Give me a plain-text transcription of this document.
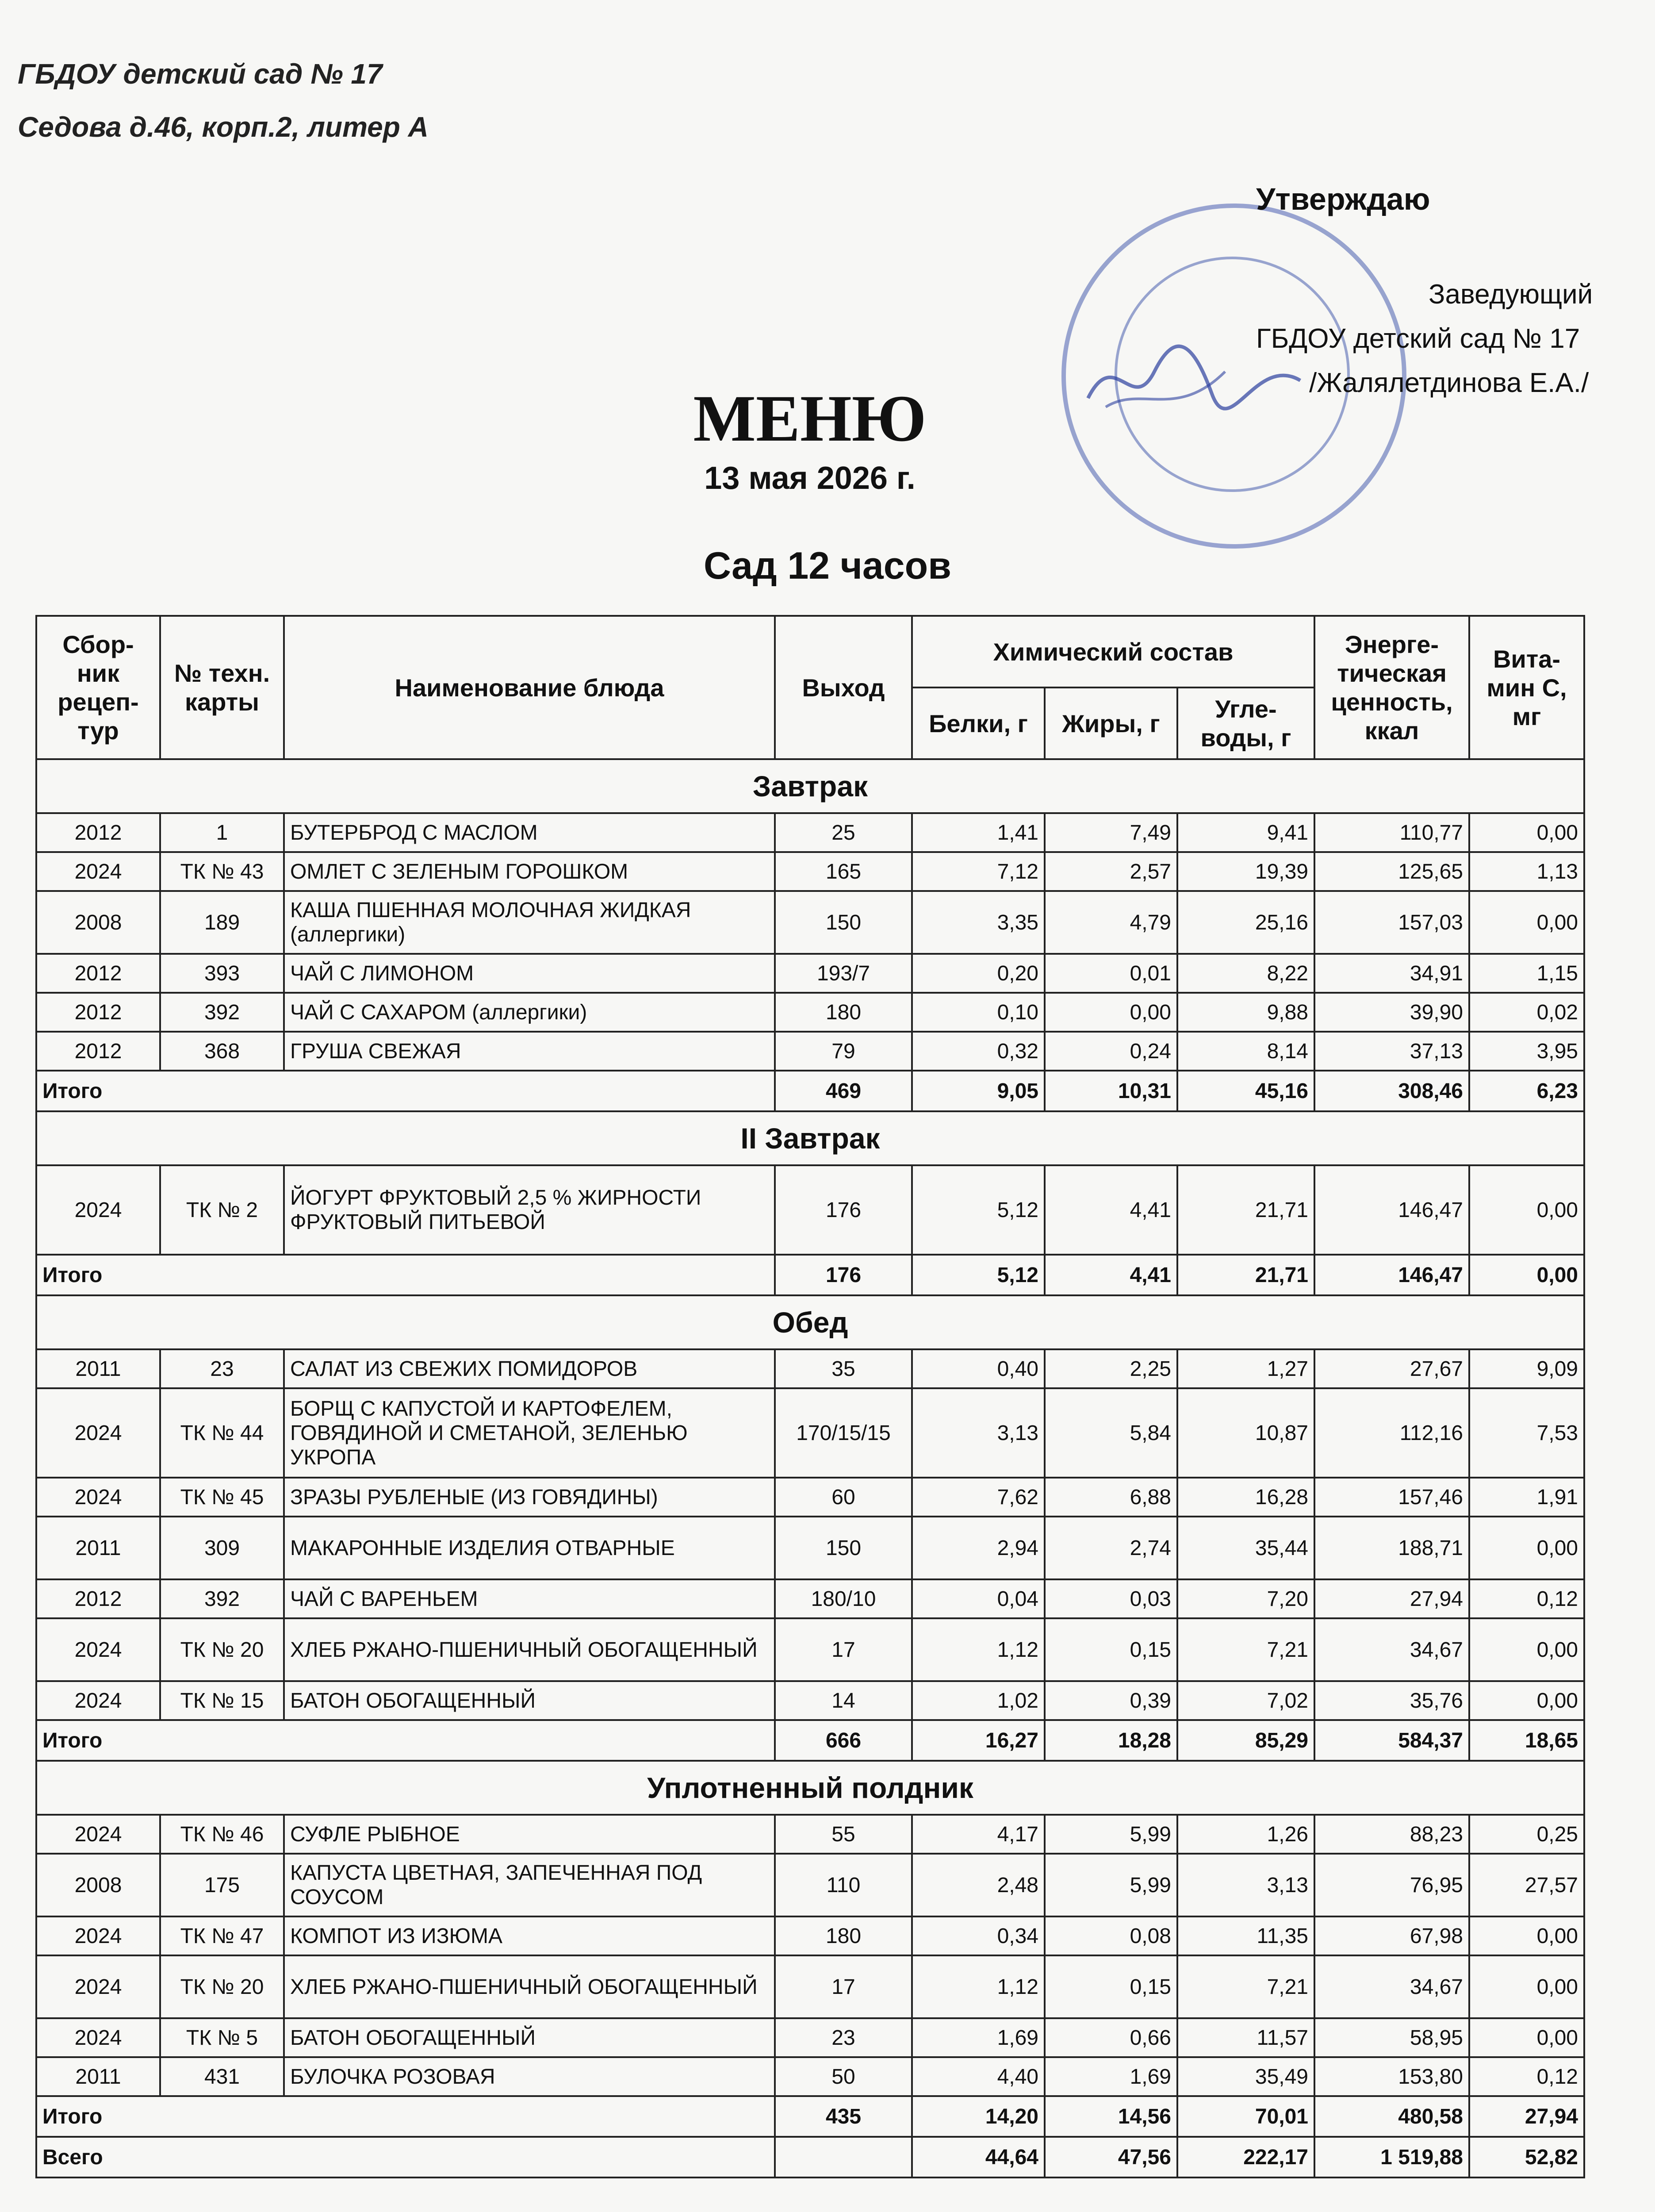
ГБДОУ детский сад № 17
Седова д.46, корп.2, литер А
Утверждаю
Заведующий
ГБДОУ детский сад № 17
/Жалялетдинова Е.А./
МЕНЮ
13 мая 2026 г.
Сад 12 часов
Сбор-ник рецеп-тур	№ техн. карты	Наименование блюда	Выход	Химический состав			Энерге-тическая ценность, ккал	Вита-мин С, мг
				Белки, г	Жиры, г	Угле-воды, г		
Завтрак								
2012	1	БУТЕРБРОД С МАСЛОМ	25	1,41	7,49	9,41	110,77	0,00
2024	ТК № 43	ОМЛЕТ С ЗЕЛЕНЫМ ГОРОШКОМ	165	7,12	2,57	19,39	125,65	1,13
2008	189	КАША ПШЕННАЯ МОЛОЧНАЯ ЖИДКАЯ (аллергики)	150	3,35	4,79	25,16	157,03	0,00
2012	393	ЧАЙ С ЛИМОНОМ	193/7	0,20	0,01	8,22	34,91	1,15
2012	392	ЧАЙ С САХАРОМ (аллергики)	180	0,10	0,00	9,88	39,90	0,02
2012	368	ГРУША СВЕЖАЯ	79	0,32	0,24	8,14	37,13	3,95
Итого			469	9,05	10,31	45,16	308,46	6,23
II Завтрак								
2024	ТК № 2	ЙОГУРТ ФРУКТОВЫЙ 2,5 % ЖИРНОСТИ ФРУКТОВЫЙ ПИТЬЕВОЙ	176	5,12	4,41	21,71	146,47	0,00
Итого			176	5,12	4,41	21,71	146,47	0,00
Обед								
2011	23	САЛАТ ИЗ СВЕЖИХ ПОМИДОРОВ	35	0,40	2,25	1,27	27,67	9,09
2024	ТК № 44	БОРЩ С КАПУСТОЙ И КАРТОФЕЛЕМ, ГОВЯДИНОЙ И СМЕТАНОЙ, ЗЕЛЕНЬЮ УКРОПА	170/15/15	3,13	5,84	10,87	112,16	7,53
2024	ТК № 45	ЗРАЗЫ РУБЛЕНЫЕ (ИЗ ГОВЯДИНЫ)	60	7,62	6,88	16,28	157,46	1,91
2011	309	МАКАРОННЫЕ ИЗДЕЛИЯ ОТВАРНЫЕ	150	2,94	2,74	35,44	188,71	0,00
2012	392	ЧАЙ С ВАРЕНЬЕМ	180/10	0,04	0,03	7,20	27,94	0,12
2024	ТК № 20	ХЛЕБ РЖАНО-ПШЕНИЧНЫЙ ОБОГАЩЕННЫЙ	17	1,12	0,15	7,21	34,67	0,00
2024	ТК № 15	БАТОН ОБОГАЩЕННЫЙ	14	1,02	0,39	7,02	35,76	0,00
Итого			666	16,27	18,28	85,29	584,37	18,65
Уплотненный полдник								
2024	ТК № 46	СУФЛЕ РЫБНОЕ	55	4,17	5,99	1,26	88,23	0,25
2008	175	КАПУСТА ЦВЕТНАЯ, ЗАПЕЧЕННАЯ ПОД СОУСОМ	110	2,48	5,99	3,13	76,95	27,57
2024	ТК № 47	КОМПОТ ИЗ ИЗЮМА	180	0,34	0,08	11,35	67,98	0,00
2024	ТК № 20	ХЛЕБ РЖАНО-ПШЕНИЧНЫЙ ОБОГАЩЕННЫЙ	17	1,12	0,15	7,21	34,67	0,00
2024	ТК № 5	БАТОН ОБОГАЩЕННЫЙ	23	1,69	0,66	11,57	58,95	0,00
2011	431	БУЛОЧКА РОЗОВАЯ	50	4,40	1,69	35,49	153,80	0,12
Итого			435	14,20	14,56	70,01	480,58	27,94
Всего				44,64	47,56	222,17	1 519,88	52,82
